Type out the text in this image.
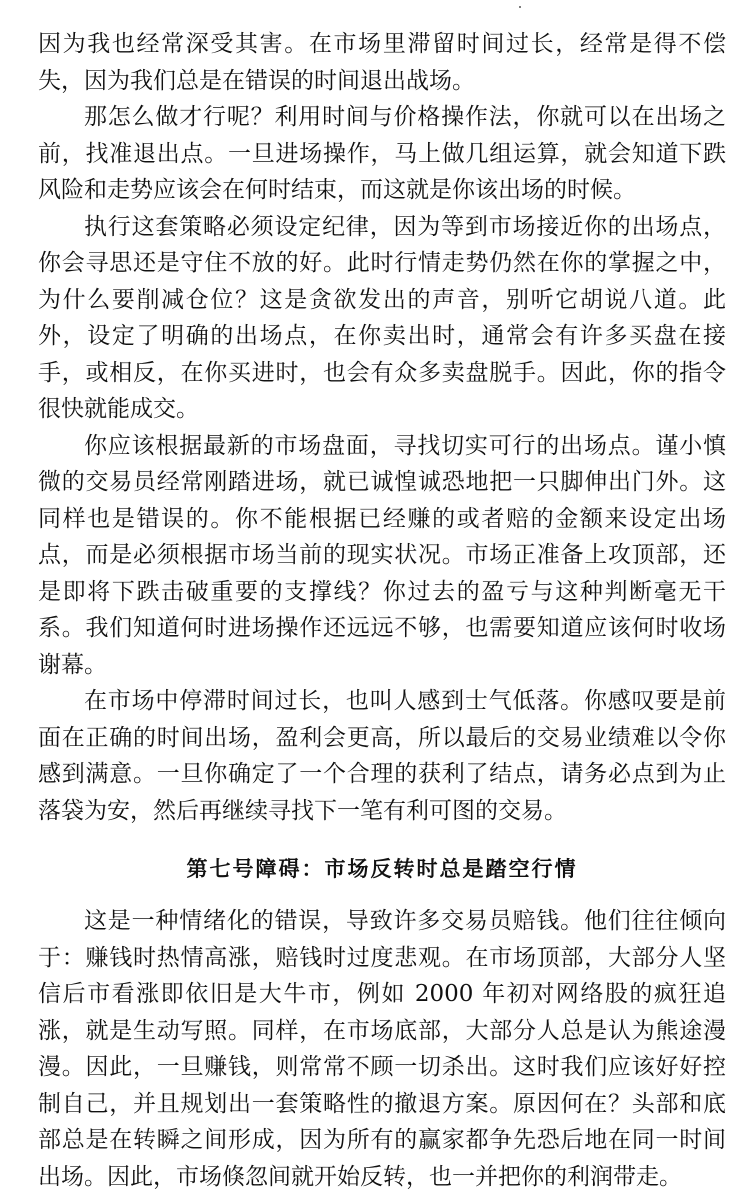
因为我也经常深受其害。在市场里滞留时间过长，经常是得不偿失，因为我们总是在错误的时间退出战场。

那怎么做才行呢？利用时间与价格操作法，你就可以在出场之前，找准退出点。一旦进场操作，马上做几组运算，就会知道下跌风险和走势应该会在何时结束，而这就是你该出场的时候。

执行这套策略必须设定纪律，因为等到市场接近你的出场点，你会寻思还是守住不放的好。此时行情走势仍然在你的掌握之中，为什么要削减仓位？这是贪欲发出的声音，别听它胡说八道。此外，设定了明确的出场点，在你卖出时，通常会有许多买盘在接手，或相反，在你买进时，也会有众多卖盘脱手。因此，你的指令很快就能成交。

你应该根据最新的市场盘面，寻找切实可行的出场点。谨小慎微的交易员经常刚踏进场，就已诚惶诚恐地把一只脚伸出门外。这同样也是错误的。你不能根据已经赚的或者赔的金额来设定出场点，而是必须根据市场当前的现实状况。市场正准备上攻顶部，还是即将下跌击破重要的支撑线？你过去的盈亏与这种判断毫无干系。我们知道何时进场操作还远远不够，也需要知道应该何时收场谢幕。

在市场中停滞时间过长，也叫人感到士气低落。你感叹要是前面在正确的时间出场，盈利会更高，所以最后的交易业绩难以令你感到满意。一旦你确定了一个合理的获利了结点，请务必点到为止落袋为安，然后再继续寻找下一笔有利可图的交易。

第七号障碍：市场反转时总是踏空行情

这是一种情绪化的错误，导致许多交易员赔钱。他们往往倾向于：赚钱时热情高涨，赔钱时过度悲观。在市场顶部，大部分人坚信后市看涨即依旧是大牛市，例如 2000 年初对网络股的疯狂追涨，就是生动写照。同样，在市场底部，大部分人总是认为熊途漫漫。因此，一旦赚钱，则常常不顾一切杀出。这时我们应该好好控制自己，并且规划出一套策略性的撤退方案。原因何在？头部和底部总是在转瞬之间形成，因为所有的赢家都争先恐后地在同一时间出场。因此，市场倏忽间就开始反转，也一并把你的利润带走。
